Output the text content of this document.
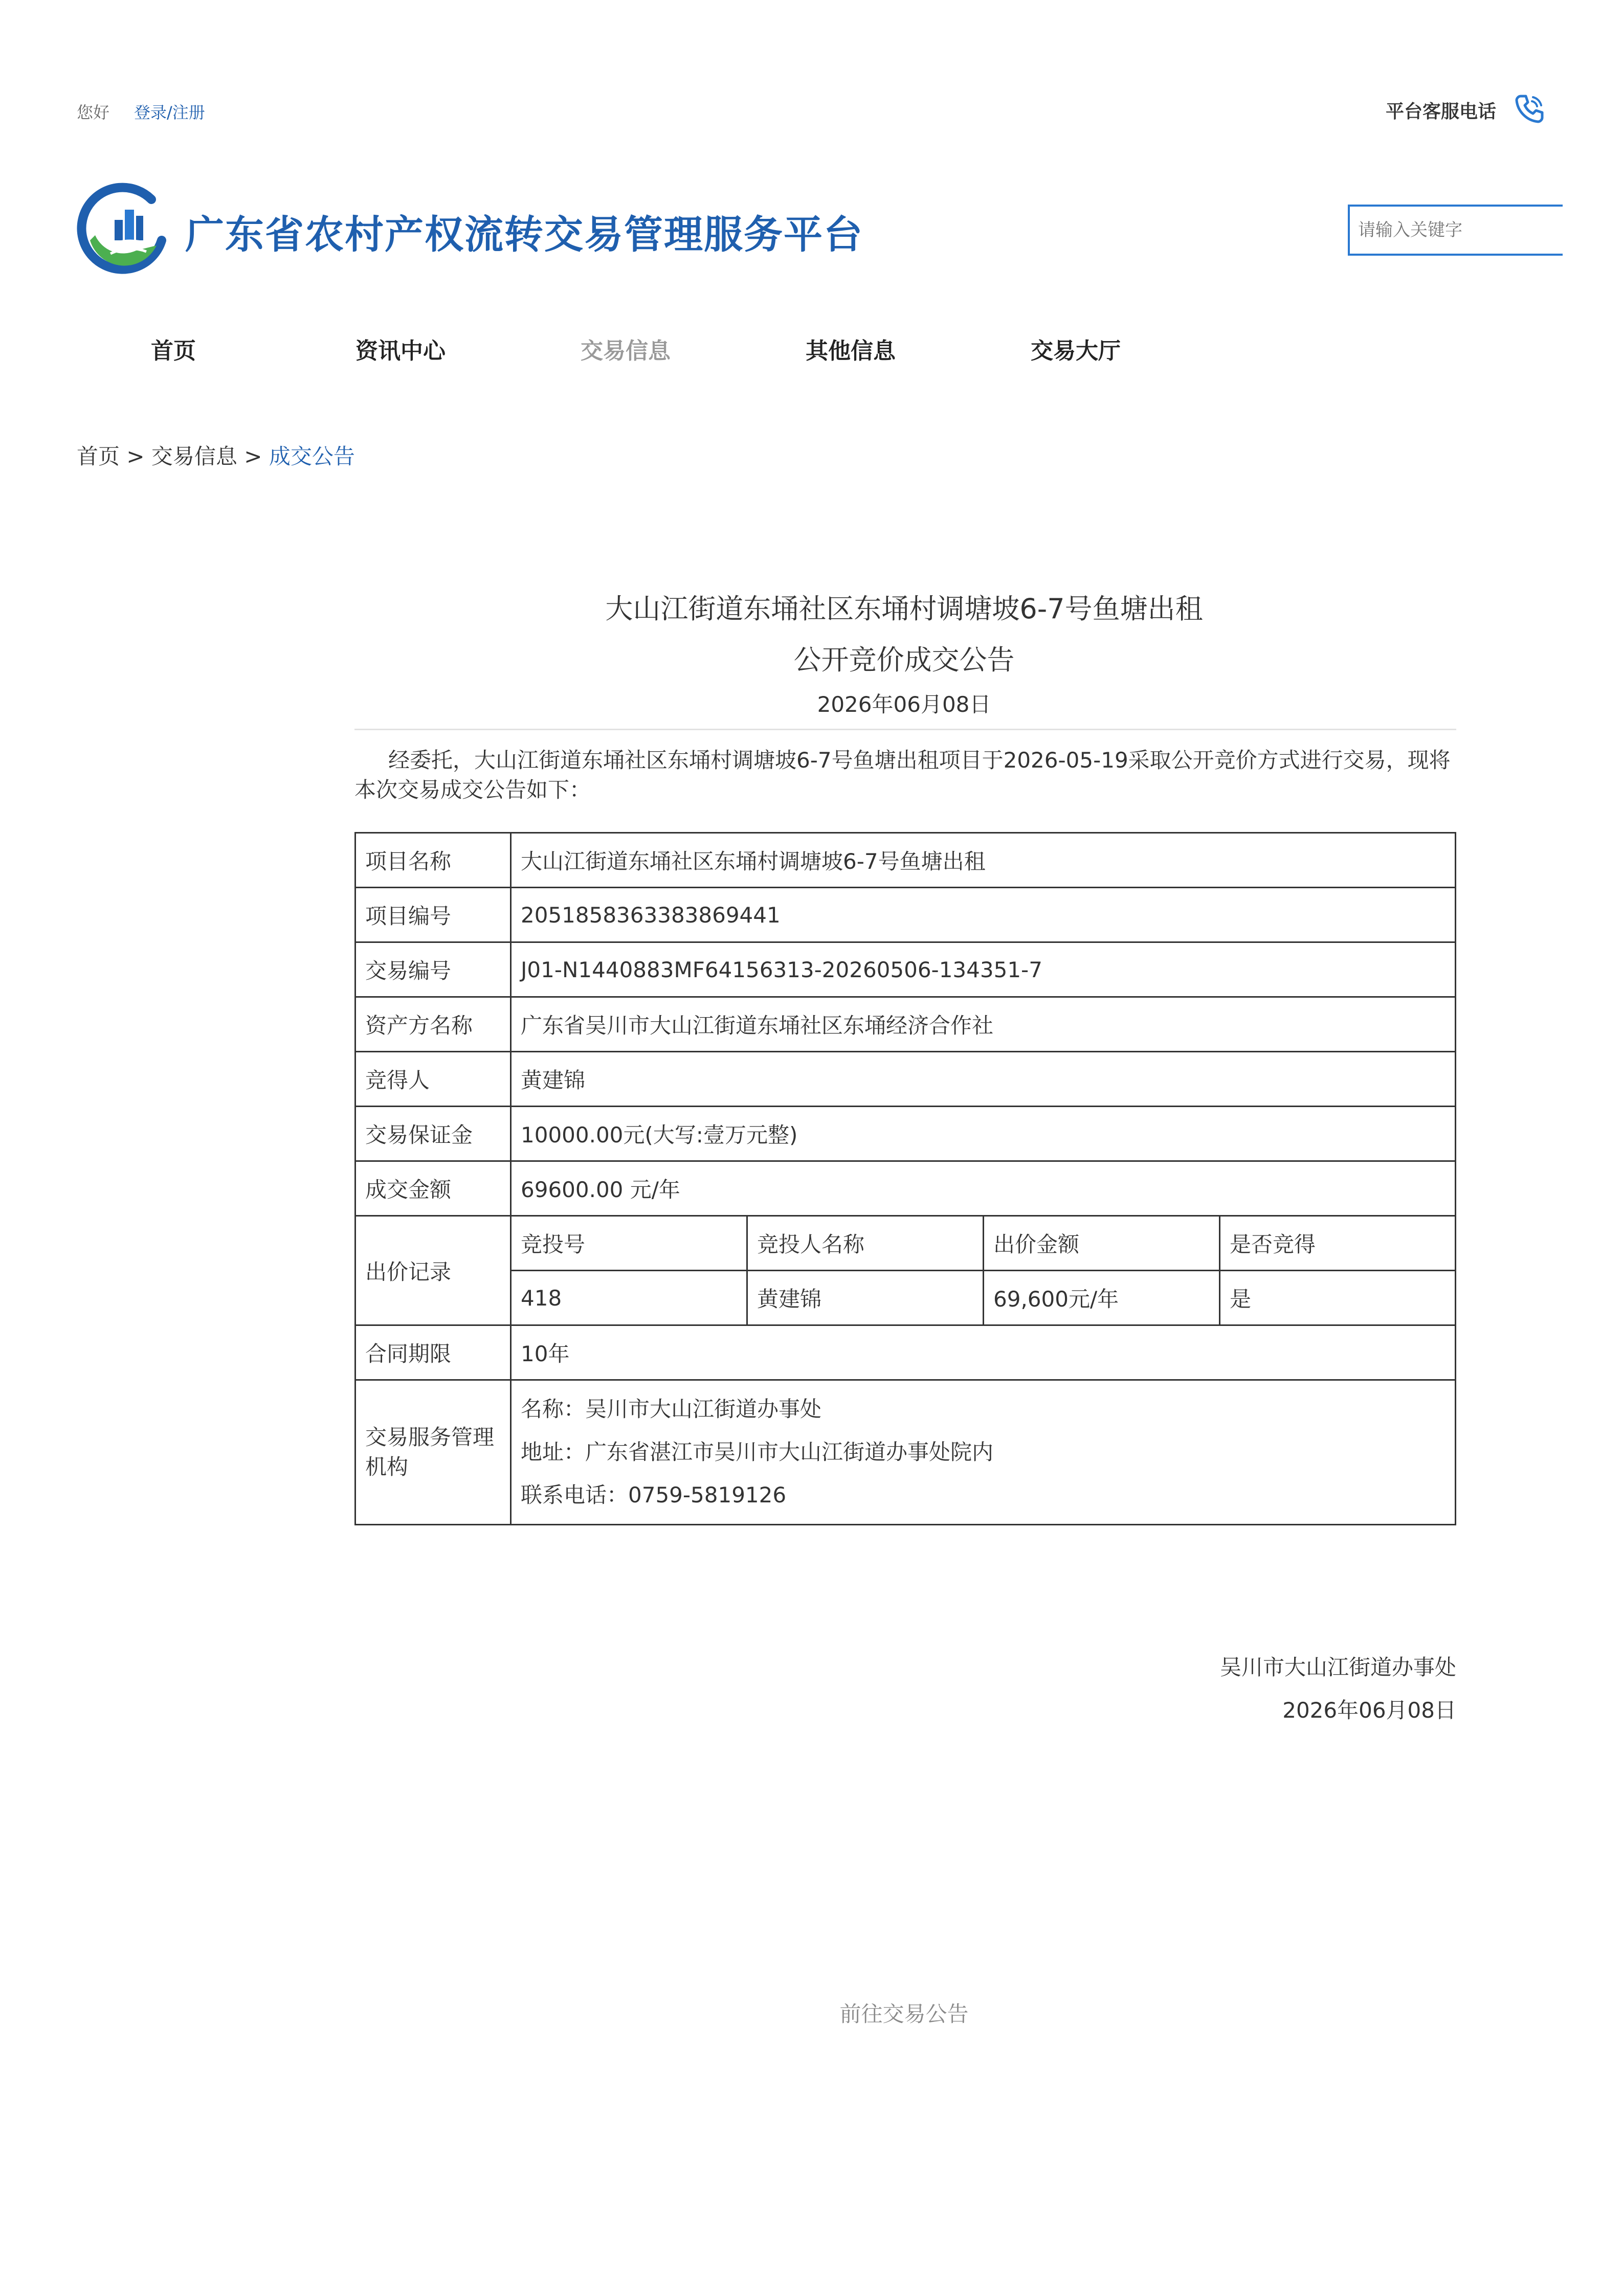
您好 登录/注册	平台客服电话
广东省农村产权流转交易管理服务平台
请输入关键字
首页	资讯中心	交易信息	其他信息	交易大厅
首页 > 交易信息 > 成交公告
大山江街道东埇社区东埇村调塘坡6-7号鱼塘出租
公开竞价成交公告
2026年06月08日
经委托，大山江街道东埇社区东埇村调塘坡6-7号鱼塘出租项目于2026-05-19采取公开竞价方式进行交易，现将本次交易成交公告如下：
项目名称	大山江街道东埇社区东埇村调塘坡6-7号鱼塘出租			
项目编号	2051858363383869441			
交易编号	J01-N1440883MF64156313-20260506-134351-7			
资产方名称	广东省吴川市大山江街道东埇社区东埇经济合作社			
竞得人	黄建锦			
交易保证金	10000.00元(大写:壹万元整)			
成交金额	69600.00 元/年			
出价记录	竞投号	竞投人名称	出价金额	是否竞得
	418	黄建锦	69,600元/年	是
合同期限	10年			
交易服务管理机构	名称：吴川市大山江街道办事处
地址：广东省湛江市吴川市大山江街道办事处院内
联系电话：0759-5819126			
吴川市大山江街道办事处
2026年06月08日
前往交易公告
